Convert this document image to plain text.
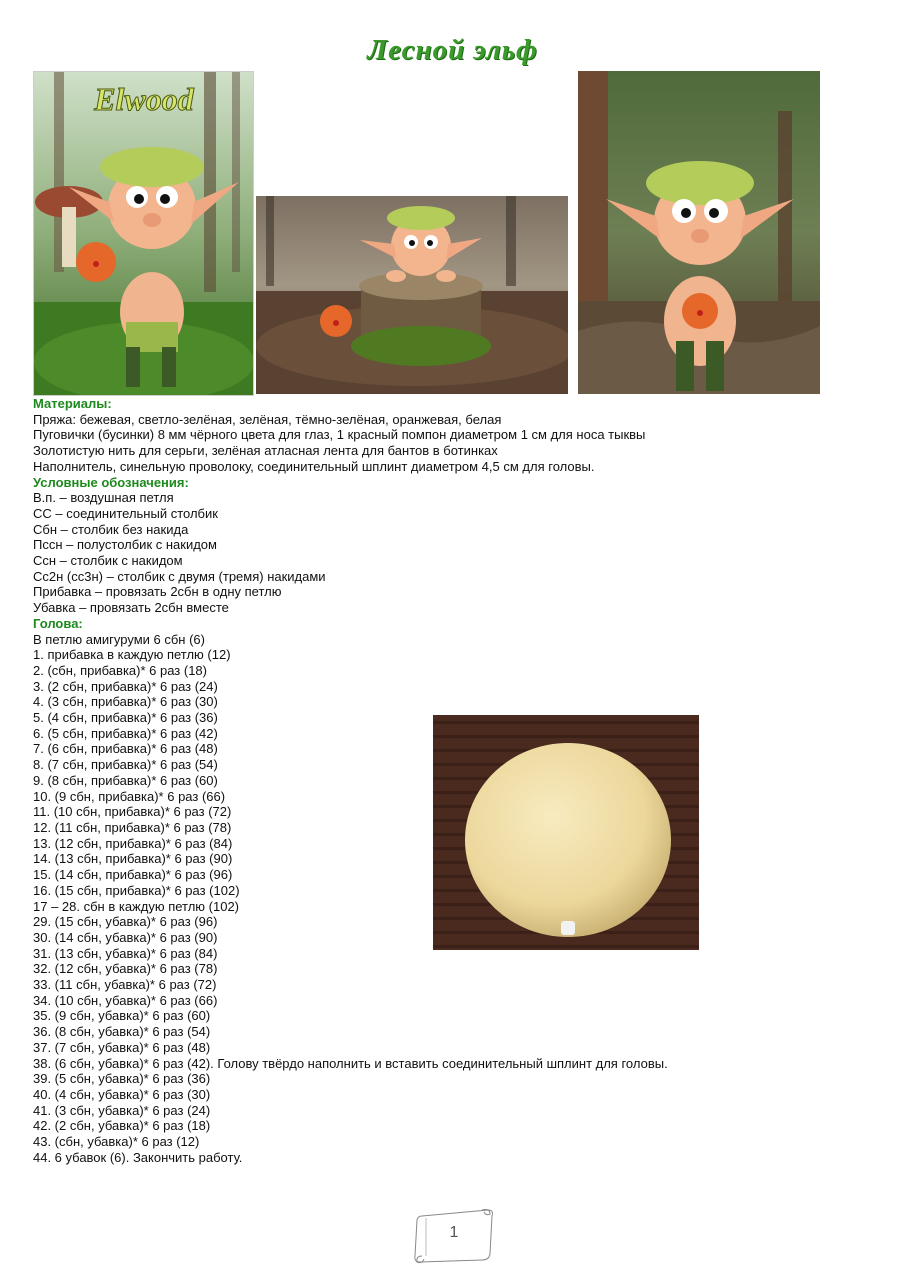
Лесной эльф
Elwood
Материалы:
Пряжа: бежевая, светло-зелёная, зелёная, тёмно-зелёная, оранжевая, белая
Пуговички (бусинки) 8 мм чёрного цвета для глаз, 1 красный помпон диаметром 1 см для носа тыквы
Золотистую нить для серьги, зелёная атласная лента для бантов в ботинках
Наполнитель, синельную проволоку, соединительный шплинт диаметром 4,5 см для головы.
Условные обозначения:
В.п. – воздушная петля
СС – соединительный столбик
Сбн – столбик без накида
Пссн – полустолбик с накидом
Ссн – столбик с накидом
Сс2н (сс3н) – столбик с двумя (тремя) накидами
Прибавка – провязать 2сбн в одну петлю
Убавка – провязать 2сбн вместе
Голова:
В петлю амигуруми 6 сбн (6)
1. прибавка в каждую петлю (12)
2. (сбн, прибавка)* 6 раз (18)
3. (2 сбн, прибавка)* 6 раз (24)
4. (3 сбн, прибавка)* 6 раз (30)
5. (4 сбн, прибавка)* 6 раз (36)
6. (5 сбн, прибавка)* 6 раз (42)
7. (6 сбн, прибавка)* 6 раз (48)
8. (7 сбн, прибавка)* 6 раз (54)
9. (8 сбн, прибавка)* 6 раз (60)
10. (9 сбн, прибавка)* 6 раз (66)
11. (10 сбн, прибавка)* 6 раз (72)
12. (11 сбн, прибавка)* 6 раз (78)
13. (12 сбн, прибавка)* 6 раз (84)
14. (13 сбн, прибавка)* 6 раз (90)
15. (14 сбн, прибавка)* 6 раз (96)
16. (15 сбн, прибавка)* 6 раз (102)
17 – 28. сбн в каждую петлю (102)
29. (15 сбн, убавка)* 6 раз (96)
30. (14 сбн, убавка)* 6 раз (90)
31. (13 сбн, убавка)* 6 раз (84)
32. (12 сбн, убавка)* 6 раз (78)
33. (11 сбн, убавка)* 6 раз (72)
34. (10 сбн, убавка)* 6 раз (66)
35. (9 сбн, убавка)* 6 раз (60)
36. (8 сбн, убавка)* 6 раз (54)
37. (7 сбн, убавка)* 6 раз (48)
38. (6 сбн, убавка)* 6 раз (42). Голову твёрдо наполнить и вставить соединительный шплинт для головы.
39. (5 сбн, убавка)* 6 раз (36)
40. (4 сбн, убавка)* 6 раз (30)
41. (3 сбн, убавка)* 6 раз (24)
42. (2 сбн, убавка)* 6 раз (18)
43. (сбн, убавка)* 6 раз (12)
44. 6 убавок (6). Закончить работу.
1
